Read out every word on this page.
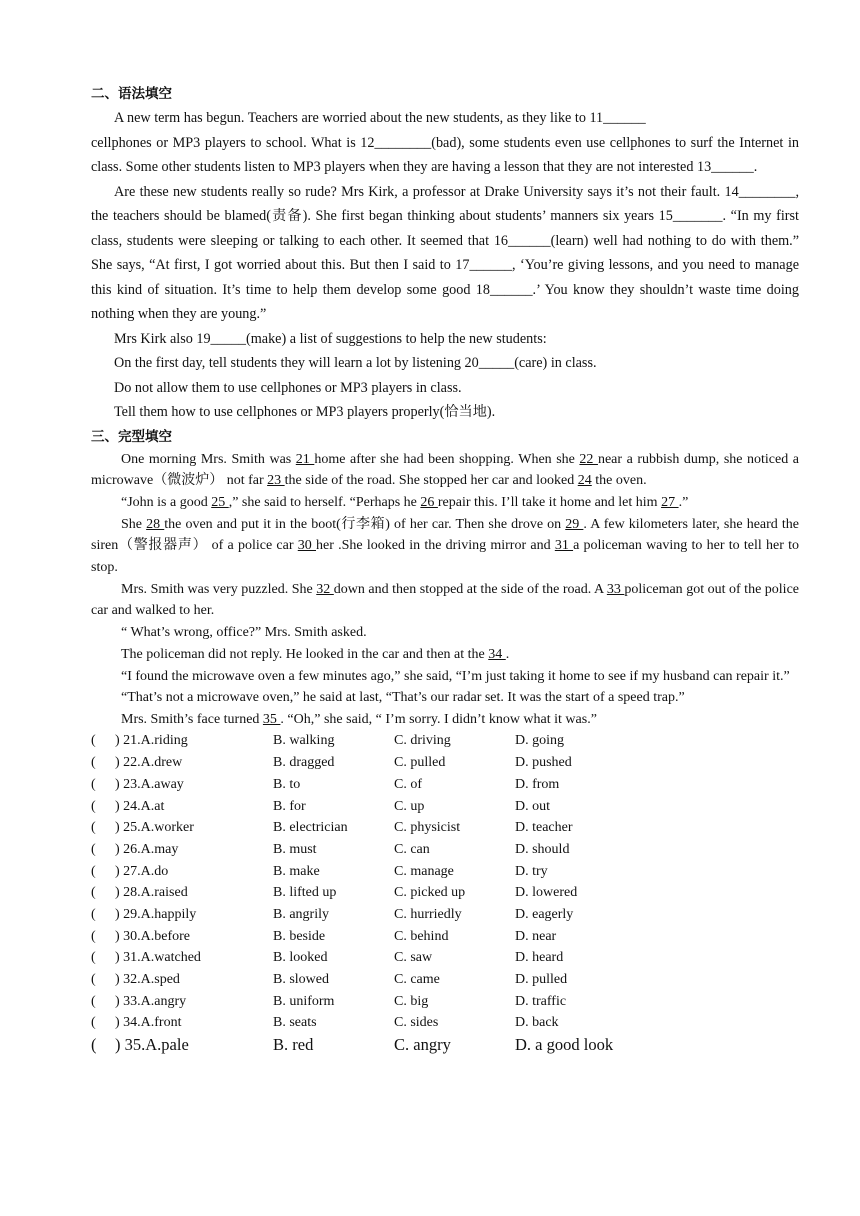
二、语法填空

A new term has begun. Teachers are worried about the new students, as they like to 11______

cellphones or MP3 players to school. What is 12________(bad), some students even use cellphones to surf the Internet in class. Some other students listen to MP3 players when they are having a lesson that they are not interested 13______.

Are these new students really so rude? Mrs Kirk, a professor at Drake University says it’s not their fault. 14________, the teachers should be blamed(责备). She first began thinking about students’ manners six years 15_______. “In my first class, students were sleeping or talking to each other. It seemed that 16______(learn) well had nothing to do with them.” She says, “At first, I got worried about this. But then I said to 17______, ‘You’re giving lessons, and you need to manage this kind of situation. It’s time to help them develop some good 18______.’ You know they shouldn’t waste time doing nothing when they are young.”

Mrs Kirk also 19_____(make) a list of suggestions to help the new students:

On the first day, tell students they will learn a lot by listening 20_____(care) in class.

Do not allow them to use cellphones or MP3 players in class.

Tell them how to use cellphones or MP3 players properly(恰当地).

三、完型填空

One morning Mrs. Smith was 21 home after she had been shopping. When she 22 near a rubbish dump, she noticed a microwave（微波炉） not far 23 the side of the road. She stopped her car and looked 24 the oven.

“John is a good 25 ,” she said to herself. “Perhaps he 26 repair this. I’ll take it home and let him 27 .”

She 28 the oven and put it in the boot(行李箱) of her car. Then she drove on 29 . A few kilometers later, she heard the siren（警报器声） of a police car 30 her .She looked in the driving mirror and 31 a policeman waving to her to tell her to stop.

Mrs. Smith was very puzzled. She 32 down and then stopped at the side of the road. A 33 policeman got out of the police car and walked to her.

“ What’s wrong, office?” Mrs. Smith asked.

The policeman did not reply. He looked in the car and then at the 34 .

“I found the microwave oven a few minutes ago,” she said, “I’m just taking it home to see if my husband can repair it.”

“That’s not a microwave oven,” he said at last, “That’s our radar set. It was the start of a speed trap.”

Mrs. Smith’s face turned 35 . “Oh,” she said, “ I’m sorry. I didn’t know what it was.”

( ) 21.A.riding	B. walking	C. driving	D. going
( ) 22.A.drew	B. dragged	C. pulled	D. pushed
( ) 23.A.away	B. to	C. of	D. from
( ) 24.A.at	B. for	C. up	D. out
( ) 25.A.worker	B. electrician	C. physicist	D. teacher
( ) 26.A.may	B. must	C. can	D. should
( ) 27.A.do	B. make	C. manage	D. try
( ) 28.A.raised	B. lifted up	C. picked up	D. lowered
( ) 29.A.happily	B. angrily	C. hurriedly	D. eagerly
( ) 30.A.before	B. beside	C. behind	D. near
( ) 31.A.watched	B. looked	C. saw	D. heard
( ) 32.A.sped	B. slowed	C. came	D. pulled
( ) 33.A.angry	B. uniform	C. big	D. traffic
( ) 34.A.front	B. seats	C. sides	D. back
( ) 35.A.pale	B. red	C. angry	D. a good look
